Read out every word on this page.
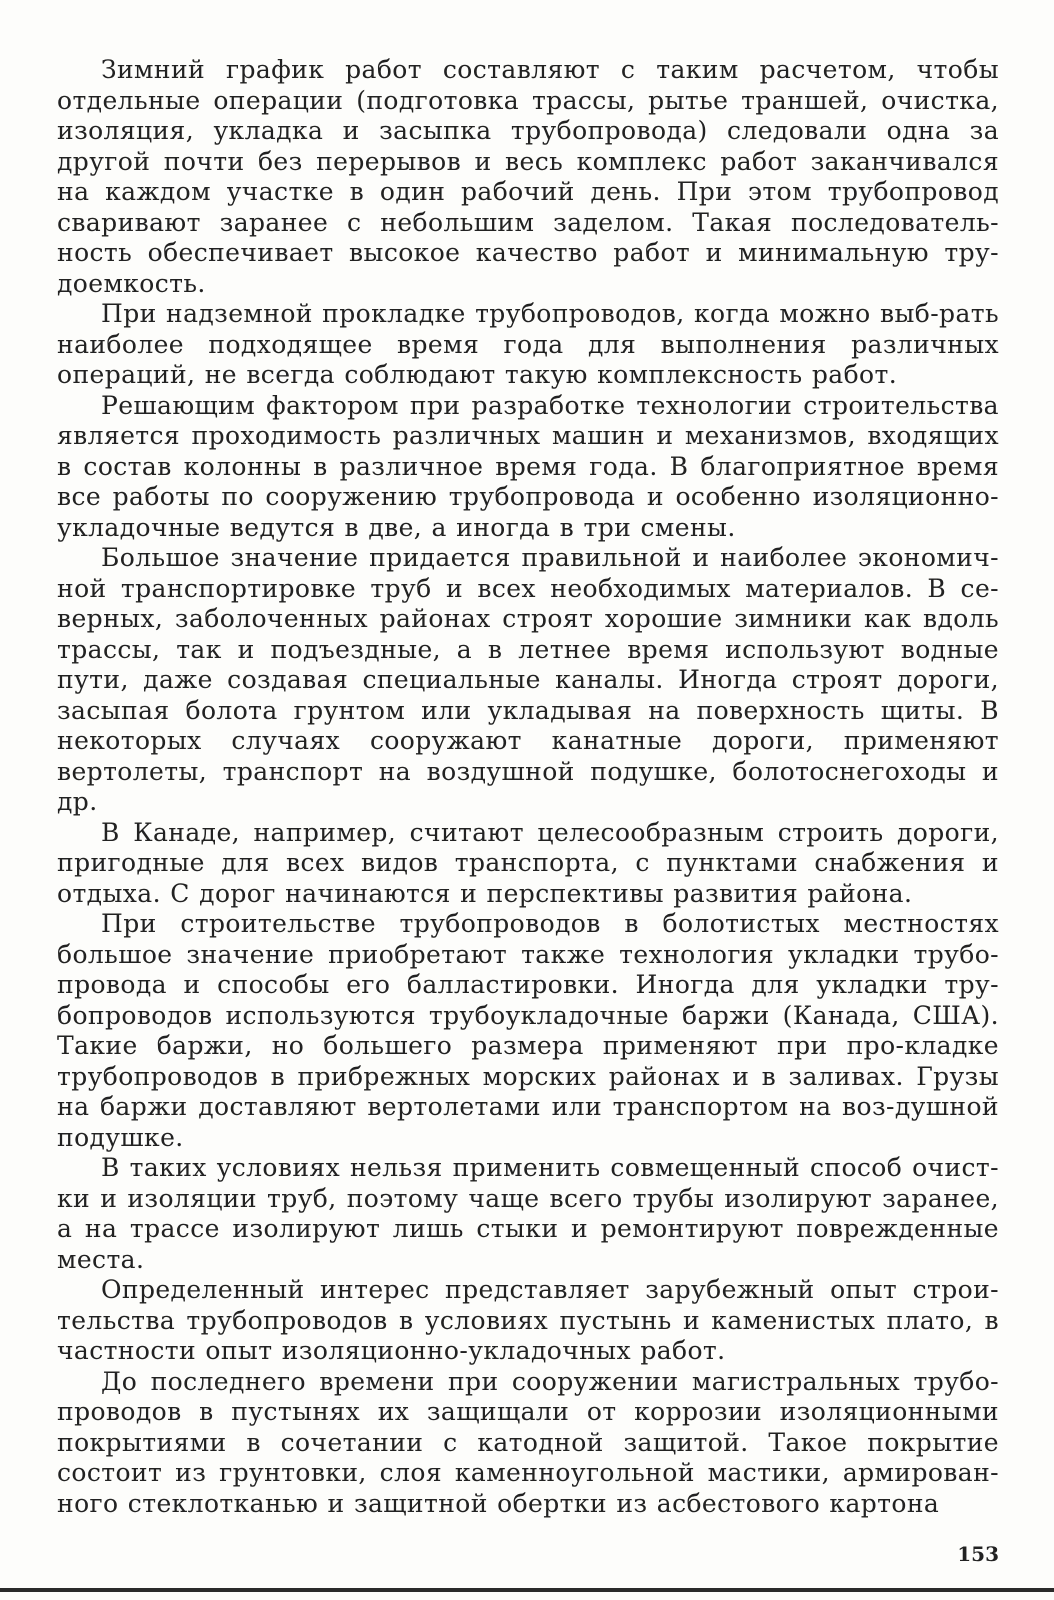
Зимний график работ составляют с таким расчетом, чтобы отдельные операции (подготовка трассы, рытье траншей, очистка, изоляция, укладка и засыпка трубопровода) следовали одна за другой почти без перерывов и весь комплекс работ заканчивался на каждом участке в один рабочий день. При этом трубопровод сваривают заранее с небольшим заделом. Такая последователь-ность обеспечивает высокое качество работ и минимальную тру-доемкость.

При надземной прокладке трубопроводов, когда можно выб-рать наиболее подходящее время года для выполнения различных операций, не всегда соблюдают такую комплексность работ.

Решающим фактором при разработке технологии строительства является проходимость различных машин и механизмов, входящих в состав колонны в различное время года. В благоприятное время все работы по сооружению трубопровода и особенно изоляционно-укладочные ведутся в две, а иногда в три смены.

Большое значение придается правильной и наиболее экономич-ной транспортировке труб и всех необходимых материалов. В се-верных, заболоченных районах строят хорошие зимники как вдоль трассы, так и подъездные, а в летнее время используют водные пути, даже создавая специальные каналы. Иногда строят дороги, засыпая болота грунтом или укладывая на поверхность щиты. В некоторых случаях сооружают канатные дороги, применяют вертолеты, транспорт на воздушной подушке, болотоснегоходы и др.

В Канаде, например, считают целесообразным строить дороги, пригодные для всех видов транспорта, с пунктами снабжения и отдыха. С дорог начинаются и перспективы развития района.

При строительстве трубопроводов в болотистых местностях большое значение приобретают также технология укладки трубо-провода и способы его балластировки. Иногда для укладки тру-бопроводов используются трубоукладочные баржи (Канада, США). Такие баржи, но большего размера применяют при про-кладке трубопроводов в прибрежных морских районах и в заливах. Грузы на баржи доставляют вертолетами или транспортом на воз-душной подушке.

В таких условиях нельзя применить совмещенный способ очист-ки и изоляции труб, поэтому чаще всего трубы изолируют заранее, а на трассе изолируют лишь стыки и ремонтируют поврежденные места.

Определенный интерес представляет зарубежный опыт строи-тельства трубопроводов в условиях пустынь и каменистых плато, в частности опыт изоляционно-укладочных работ.

До последнего времени при сооружении магистральных трубо-проводов в пустынях их защищали от коррозии изоляционными покрытиями в сочетании с катодной защитой. Такое покрытие состоит из грунтовки, слоя каменноугольной мастики, армирован-ного стеклотканью и защитной обертки из асбестового картона

153
